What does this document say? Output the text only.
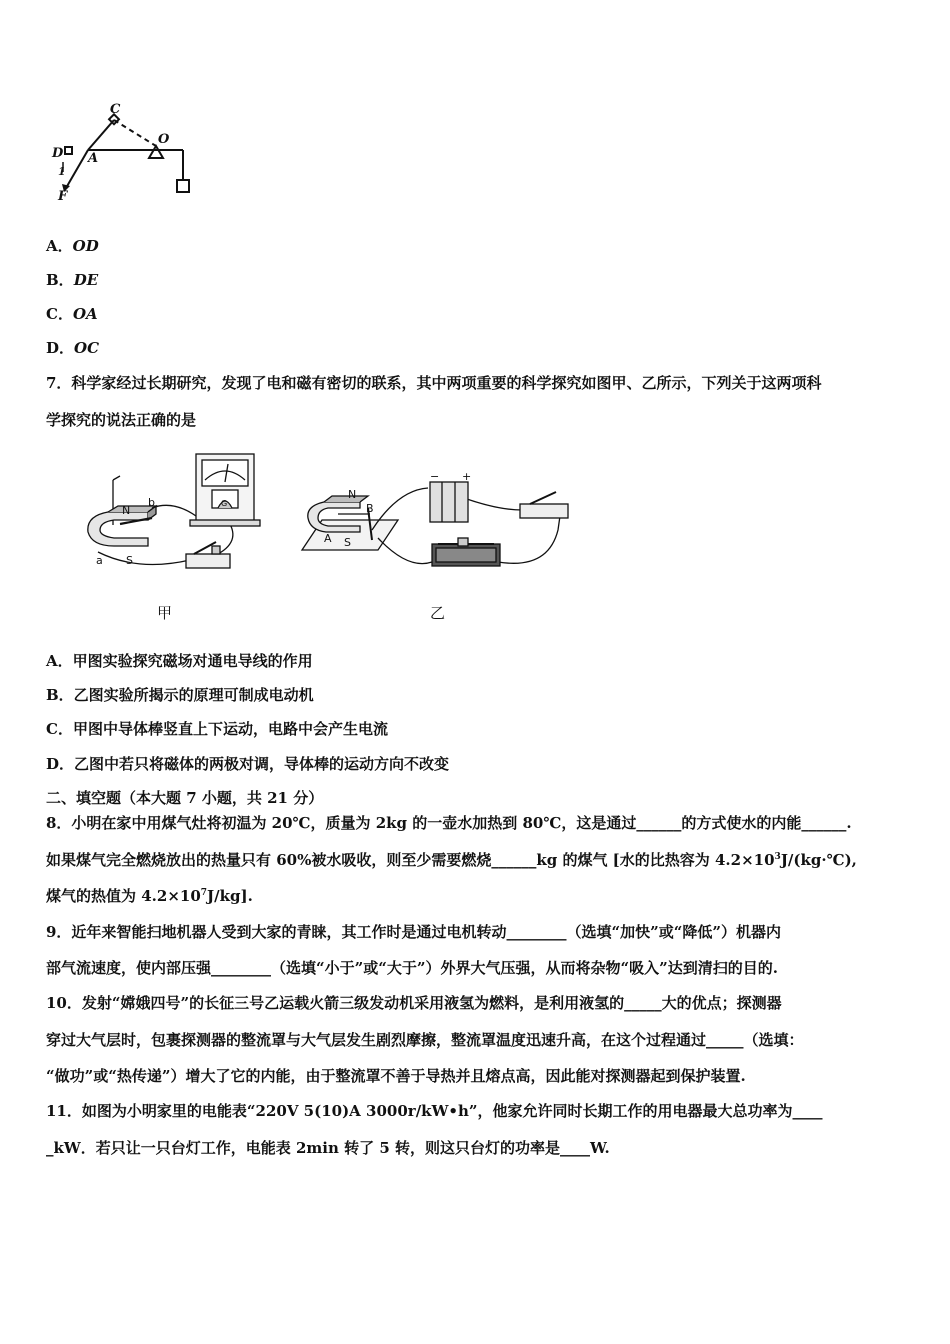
C
O
D A
F
1
A．OD
B．DE
C．OA
D．OC
7．科学家经过长期研究，发现了电和磁有密切的联系，其中两项重要的科学探究如图甲、乙所示，下列关于这两项科
学探究的说法正确的是
N
b
S
a
G
甲
N
B
A S
− +
乙
A．甲图实验探究磁场对通电导线的作用
B．乙图实验所揭示的原理可制成电动机
C．甲图中导体棒竖直上下运动，电路中会产生电流
D．乙图中若只将磁体的两极对调，导体棒的运动方向不改变
二、填空题（本大题 7 小题，共 21 分）
8．小明在家中用煤气灶将初温为 20℃，质量为 2kg 的一壶水加热到 80℃，这是通过______的方式使水的内能______.
如果煤气完全燃烧放出的热量只有 60%被水吸收，则至少需要燃烧______kg 的煤气 [水的比热容为 $4.2\times 10^3J/(kg\cdot℃)$,
煤气的热值为 $4.2\times 10^7J/kg$].
9．近年来智能扫地机器人受到大家的青睐，其工作时是通过电机转动________（选填“加快”或“降低”）机器内
部气流速度，使内部压强________（选填“小于”或“大于”）外界大气压强，从而将杂物“吸入”达到清扫的目的.
10．发射“嫦娥四号”的长征三号乙运载火箭三级发动机采用液氢为燃料，是利用液氢的_____大的优点；探测器
穿过大气层时，包裹探测器的整流罩与大气层发生剧烈摩擦，整流罩温度迅速升高，在这个过程通过_____（选填：
“做功”或“热传递”）增大了它的内能，由于整流罩不善于导热并且熔点高，因此能对探测器起到保护装置.
11．如图为小明家里的电能表“220V 5(10)A 3000r/kW•h”，他家允许同时长期工作的用电器最大总功率为____
_kW．若只让一只台灯工作，电能表 2min 转了 5 转，则这只台灯的功率是____W.
